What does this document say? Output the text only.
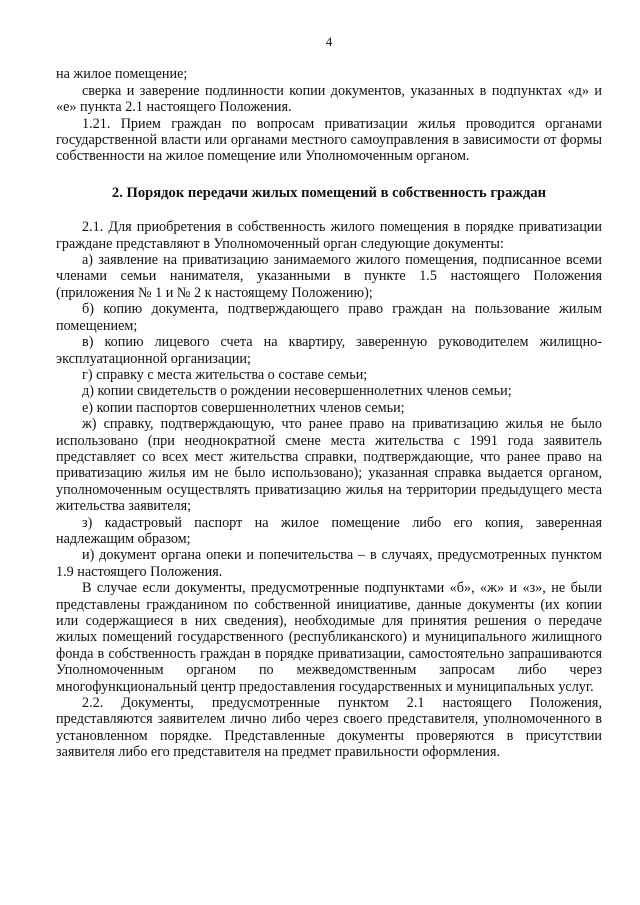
4

на жилое помещение;

сверка и заверение подлинности копии документов, указанных в подпунктах «д» и «е» пункта 2.1 настоящего Положения.

1.21. Прием граждан по вопросам приватизации жилья проводится органами государственной власти или органами местного самоуправления в зависимости от формы собственности на жилое помещение или Уполномоченным органом.

2. Порядок передачи жилых помещений в собственность граждан

2.1. Для приобретения в собственность жилого помещения в порядке приватизации граждане представляют в Уполномоченный орган следующие документы:

а) заявление на приватизацию занимаемого жилого помещения, подписанное всеми членами семьи нанимателя, указанными в пункте 1.5 настоящего Положения (приложения № 1 и № 2 к настоящему Положению);

б) копию документа, подтверждающего право граждан на пользование жилым помещением;

в) копию лицевого счета на квартиру, заверенную руководителем жилищно-эксплуатационной организации;

г) справку с места жительства о составе семьи;

д) копии свидетельств о рождении несовершеннолетних членов семьи;

е) копии паспортов совершеннолетних членов семьи;

ж) справку, подтверждающую, что ранее право на приватизацию жилья не было использовано (при неоднократной смене места жительства с 1991 года заявитель представляет со всех мест жительства справки, подтверждающие, что ранее право на приватизацию жилья им не было использовано); указанная справка выдается органом, уполномоченным осуществлять приватизацию жилья на территории предыдущего места жительства заявителя;

з) кадастровый паспорт на жилое помещение либо его копия, заверенная надлежащим образом;

и) документ органа опеки и попечительства – в случаях, предусмотренных пунктом 1.9 настоящего Положения.

В случае если документы, предусмотренные подпунктами «б», «ж» и «з», не были представлены гражданином по собственной инициативе, данные документы (их копии или содержащиеся в них сведения), необходимые для принятия решения о передаче жилых помещений государственного (республиканского) и муниципального жилищного фонда в собственность граждан в порядке приватизации, самостоятельно запрашиваются Уполномоченным органом по межведомственным запросам либо через многофункциональный центр предоставления государственных и муниципальных услуг.

2.2. Документы, предусмотренные пунктом 2.1 настоящего Положения, представляются заявителем лично либо через своего представителя, уполномоченного в установленном порядке. Представленные документы проверяются в присутствии заявителя либо его представителя на предмет правильности оформления.
